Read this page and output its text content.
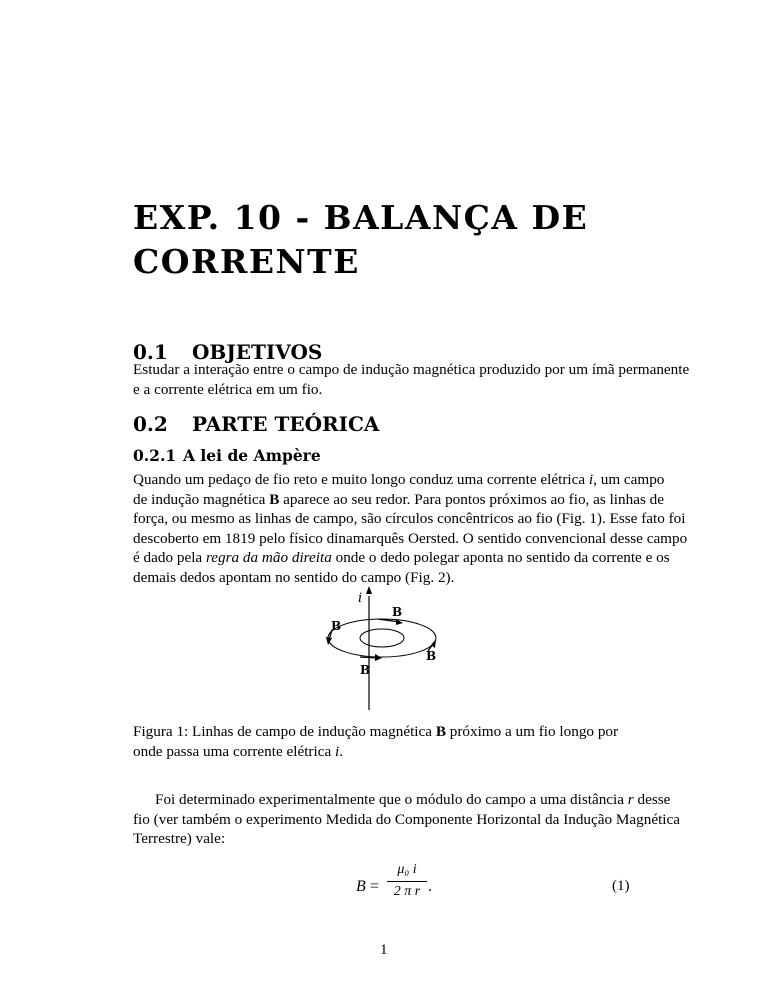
EXP. 10 - BALANÇA DE CORRENTE
0.1 OBJETIVOS
Estudar a interação entre o campo de indução magnética produzido por um ímã permanente
e a corrente elétrica em um fio.
0.2 PARTE TEÓRICA
0.2.1 A lei de Ampère
Quando um pedaço de fio reto e muito longo conduz uma corrente elétrica i, um campo
de indução magnética B aparece ao seu redor. Para pontos próximos ao fio, as linhas de
força, ou mesmo as linhas de campo, são círculos concêntricos ao fio (Fig. 1). Esse fato foi
descoberto em 1819 pelo físico dinamarquês Oersted. O sentido convencional desse campo
é dado pela regra da mão direita onde o dedo polegar aponta no sentido da corrente e os
demais dedos apontam no sentido do campo (Fig. 2).
i
B
B
B
B
Figura 1: Linhas de campo de indução magnética B próximo a um fio longo por onde passa uma corrente elétrica i.
Foi determinado experimentalmente que o módulo do campo a uma distância r desse
fio (ver também o experimento Medida do Componente Horizontal da Indução Magnética
Terrestre) vale:
B =
μ₀ i
2 π r .	(1)
1
